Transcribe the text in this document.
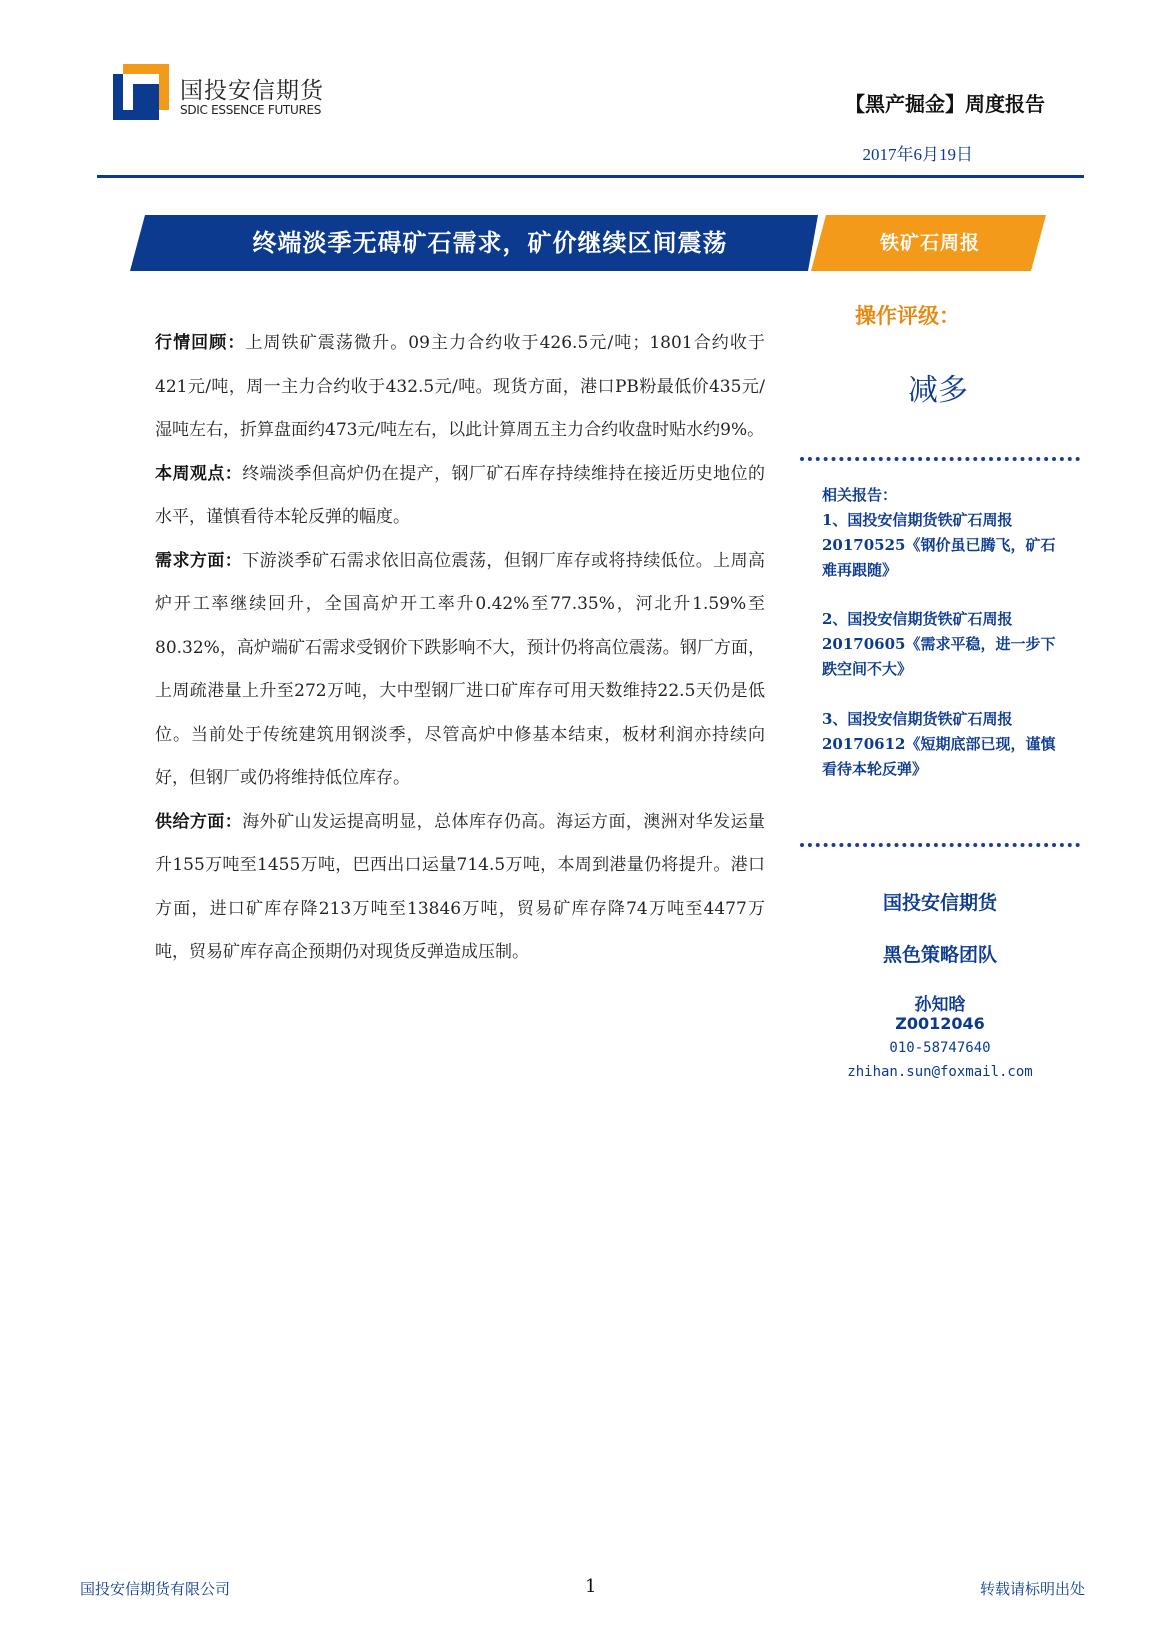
国投安信期货
SDIC ESSENCE FUTURES	【黑产掘金】周度报告
2017年6月19日
终端淡季无碍矿石需求，矿价继续区间震荡	铁矿石周报

行情回顾：上周铁矿震荡微升。09主力合约收于426.5元/吨；1801合约收于421元/吨，周一主力合约收于432.5元/吨。现货方面，港口PB粉最低价435元/湿吨左右，折算盘面约473元/吨左右，以此计算周五主力合约收盘时贴水约9%。

本周观点：终端淡季但高炉仍在提产，钢厂矿石库存持续维持在接近历史地位的水平，谨慎看待本轮反弹的幅度。

需求方面：下游淡季矿石需求依旧高位震荡，但钢厂库存或将持续低位。上周高炉开工率继续回升，全国高炉开工率升0.42%至77.35%，河北升1.59%至80.32%，高炉端矿石需求受钢价下跌影响不大，预计仍将高位震荡。钢厂方面，上周疏港量上升至272万吨，大中型钢厂进口矿库存可用天数维持22.5天仍是低位。当前处于传统建筑用钢淡季，尽管高炉中修基本结束，板材利润亦持续向好，但钢厂或仍将维持低位库存。

供给方面：海外矿山发运提高明显，总体库存仍高。海运方面，澳洲对华发运量升155万吨至1455万吨，巴西出口运量714.5万吨，本周到港量仍将提升。港口方面，进口矿库存降213万吨至13846万吨，贸易矿库存降74万吨至4477万吨，贸易矿库存高企预期仍对现货反弹造成压制。

操作评级：
减多
相关报告：
1、国投安信期货铁矿石周报
20170525《钢价虽已腾飞，矿石
难再跟随》
2、国投安信期货铁矿石周报
20170605《需求平稳，进一步下
跌空间不大》
3、国投安信期货铁矿石周报
20170612《短期底部已现，谨慎
看待本轮反弹》
国投安信期货
黑色策略团队
孙知晗
Z0012046
010-58747640
zhihan.sun@foxmail.com
国投安信期货有限公司	1	转载请标明出处
